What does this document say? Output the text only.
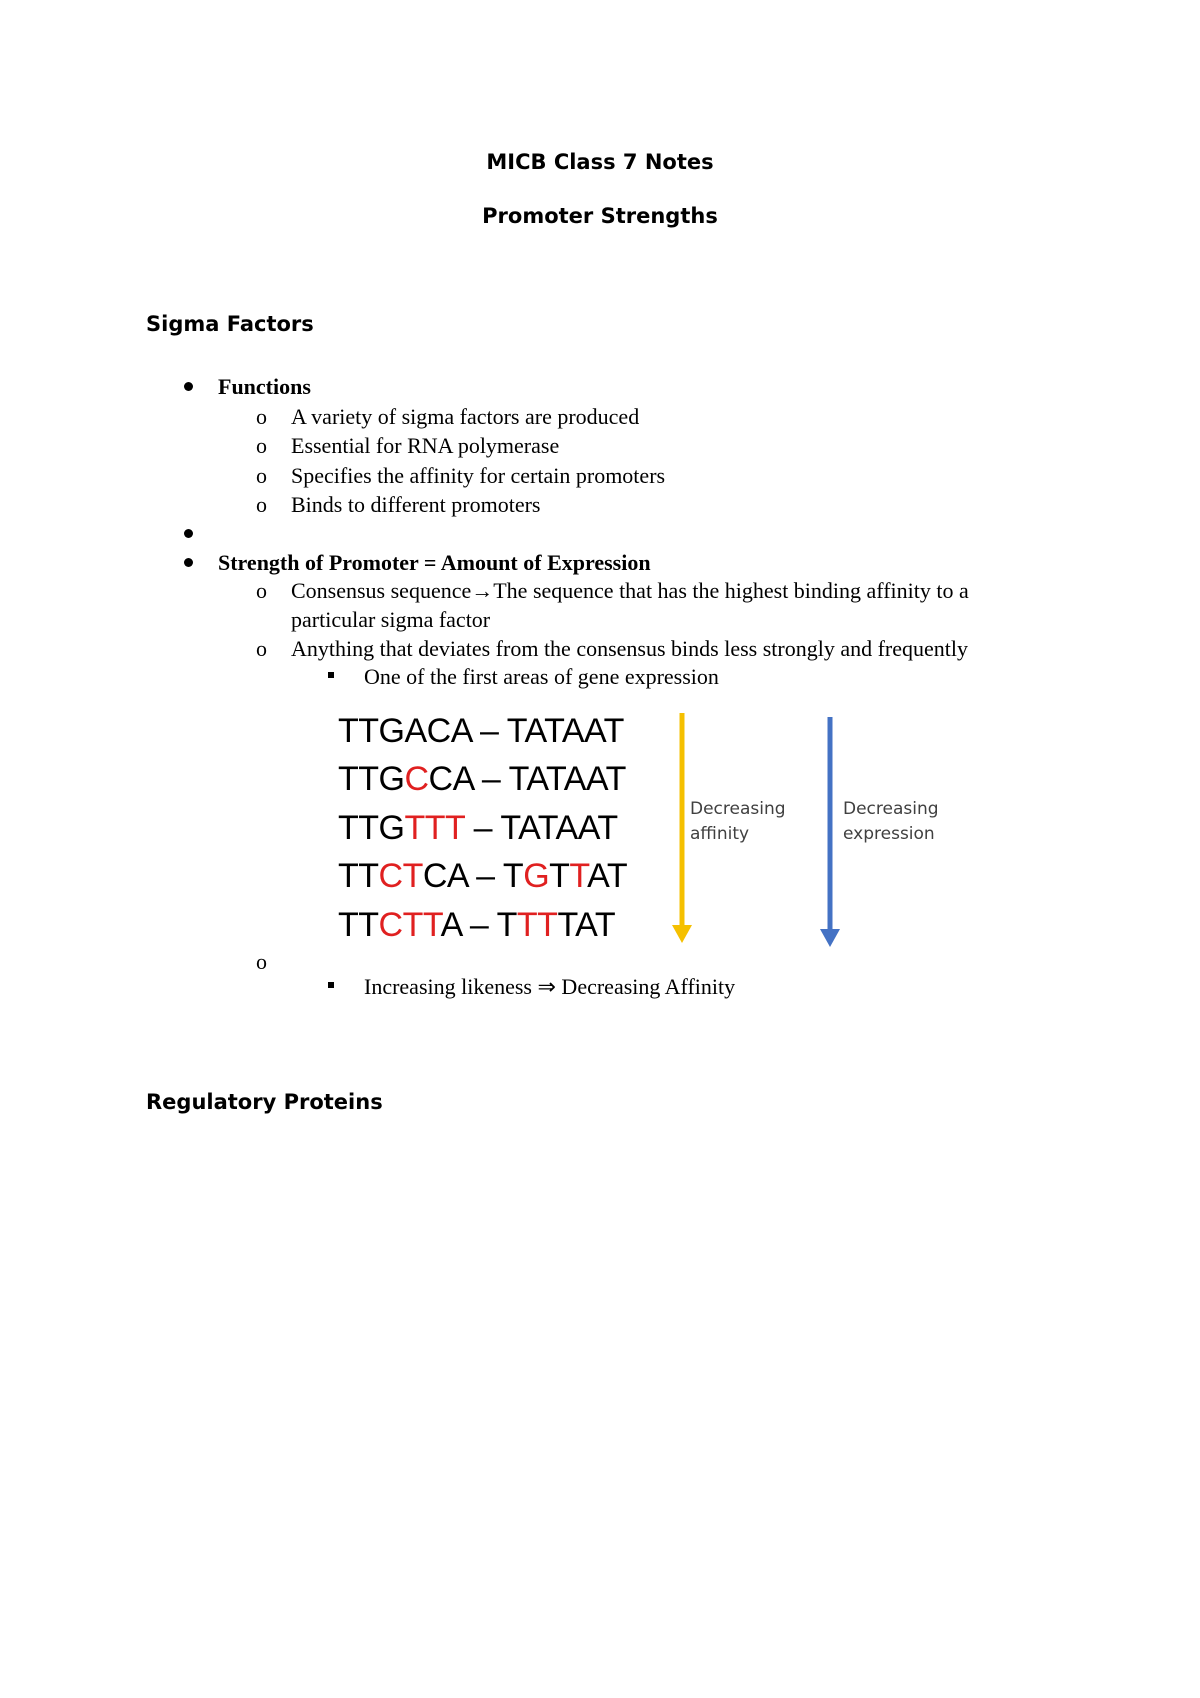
MICB Class 7 Notes
Promoter Strengths
Sigma Factors
Functions
o A variety of sigma factors are produced
o Essential for RNA polymerase
o Specifies the affinity for certain promoters
o Binds to different promoters
Strength of Promoter = Amount of Expression
o Consensus sequence→The sequence that has the highest binding affinity to a
particular sigma factor
o Anything that deviates from the consensus binds less strongly and frequently
One of the first areas of gene expression
TTGACA – TATAAT
TTGCCA – TATAAT
TTGTTT – TATAAT
TTCTCA – TGTTAT
TTCTTA – TTTTAT
Decreasing
affinity
Decreasing
expression
o
Increasing likeness ⇒ Decreasing Affinity
Regulatory Proteins
